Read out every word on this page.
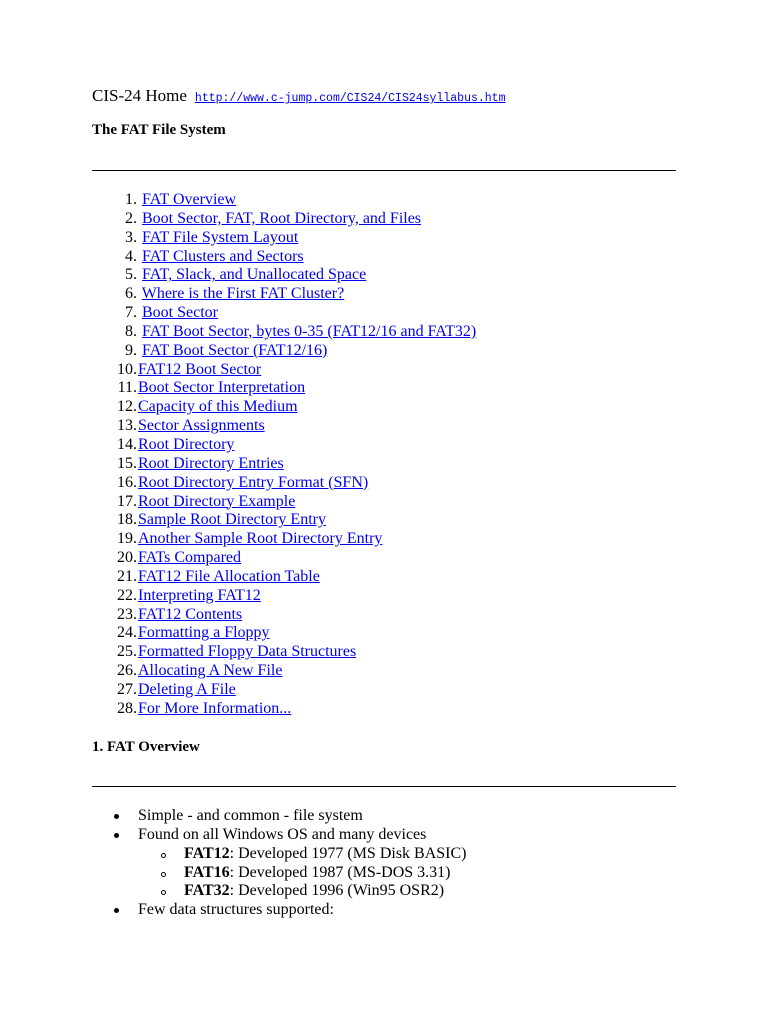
CIS-24 Home http://www.c-jump.com/CIS24/CIS24syllabus.htm
The FAT File System
1. FAT Overview
2. Boot Sector, FAT, Root Directory, and Files
3. FAT File System Layout
4. FAT Clusters and Sectors
5. FAT, Slack, and Unallocated Space
6. Where is the First FAT Cluster?
7. Boot Sector
8. FAT Boot Sector, bytes 0-35 (FAT12/16 and FAT32)
9. FAT Boot Sector (FAT12/16)
10.FAT12 Boot Sector
11.Boot Sector Interpretation
12.Capacity of this Medium
13.Sector Assignments
14.Root Directory
15.Root Directory Entries
16.Root Directory Entry Format (SFN)
17.Root Directory Example
18.Sample Root Directory Entry
19.Another Sample Root Directory Entry
20.FATs Compared
21.FAT12 File Allocation Table
22.Interpreting FAT12
23.FAT12 Contents
24.Formatting a Floppy
25.Formatted Floppy Data Structures
26.Allocating A New File
27.Deleting A File
28.For More Information...
1. FAT Overview
Simple - and common - file system
Found on all Windows OS and many devices
FAT12: Developed 1977 (MS Disk BASIC)
FAT16: Developed 1987 (MS-DOS 3.31)
FAT32: Developed 1996 (Win95 OSR2)
Few data structures supported:
